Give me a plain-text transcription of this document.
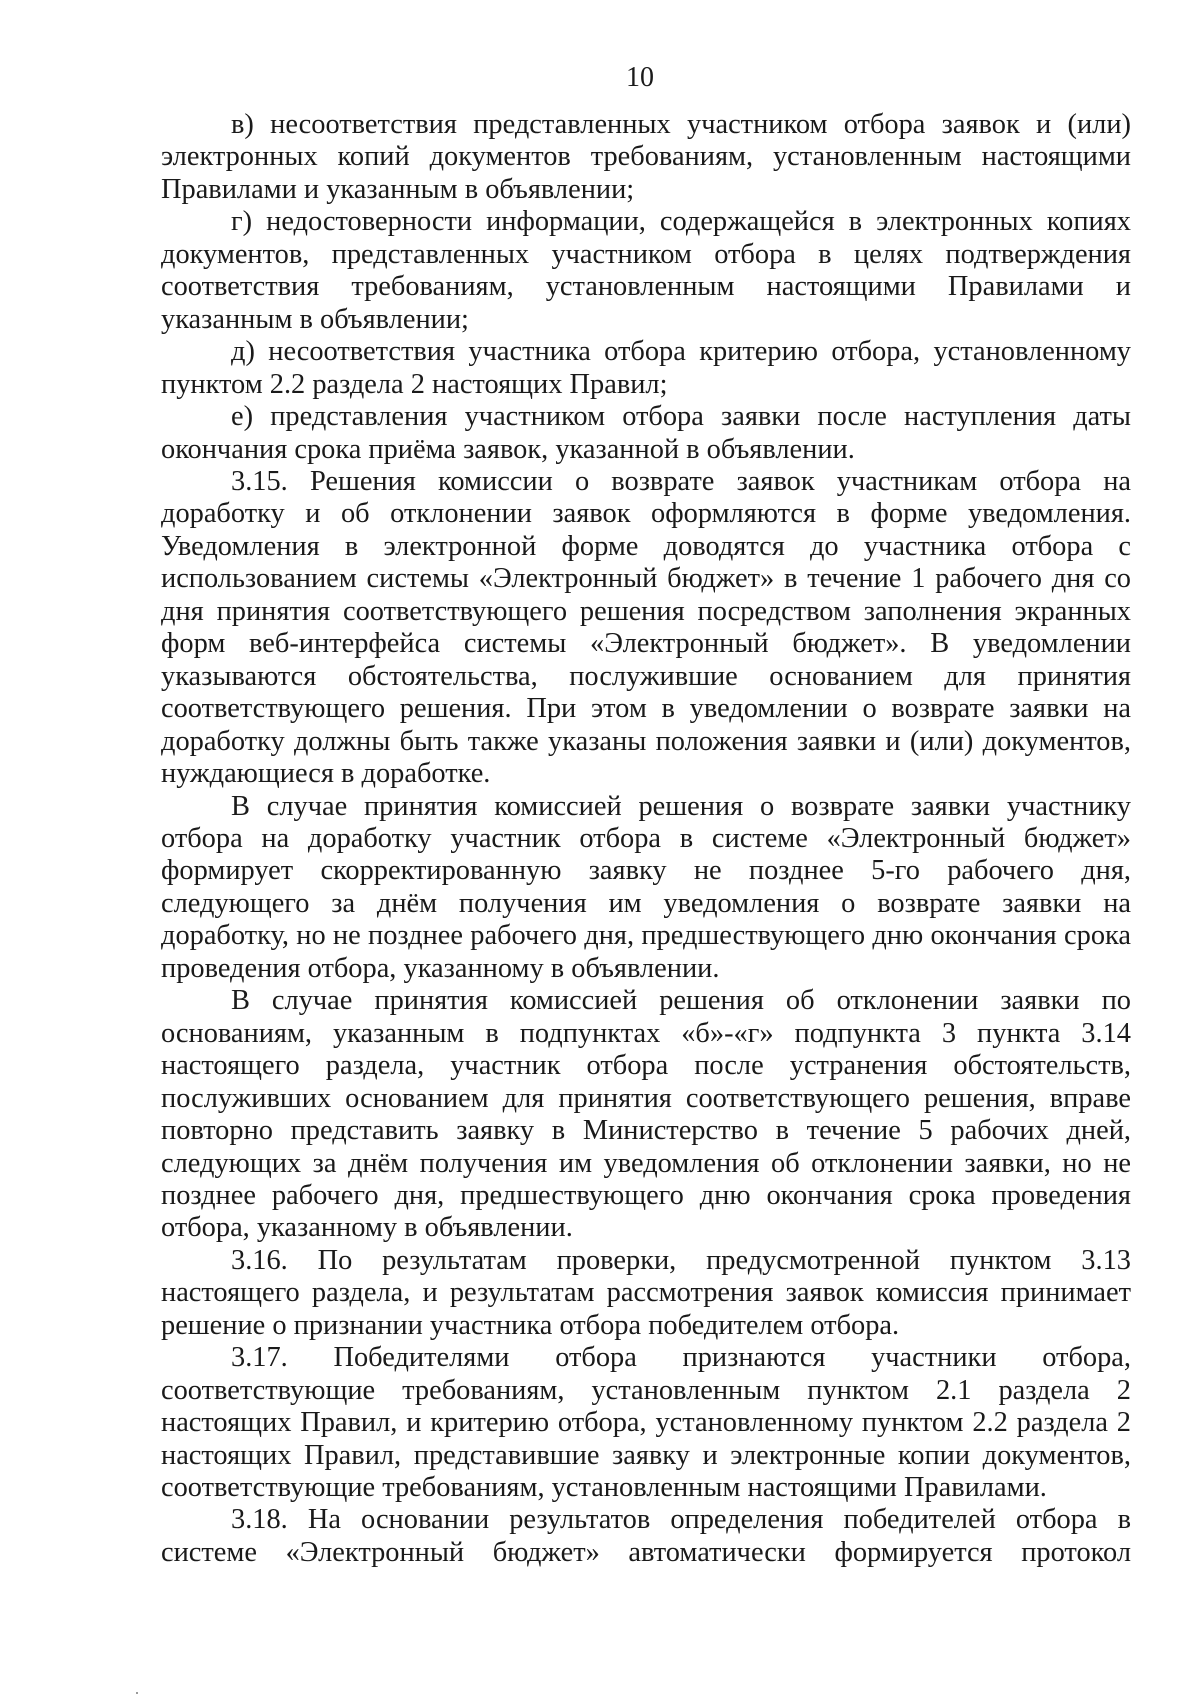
10

в) несоответствия представленных участником отбора заявок и (или) электронных копий документов требованиям, установленным настоящими Правилами и указанным в объявлении;

г) недостоверности информации, содержащейся в электронных копиях документов, представленных участником отбора в целях подтверждения соответствия требованиям, установленным настоящими Правилами и указанным в объявлении;

д) несоответствия участника отбора критерию отбора, установленному пунктом 2.2 раздела 2 настоящих Правил;

е) представления участником отбора заявки после наступления даты окончания срока приёма заявок, указанной в объявлении.

3.15. Решения комиссии о возврате заявок участникам отбора на доработку и об отклонении заявок оформляются в форме уведомления. Уведомления в электронной форме доводятся до участника отбора с использованием системы «Электронный бюджет» в течение 1 рабочего дня со дня принятия соответствующего решения посредством заполнения экранных форм веб-интерфейса системы «Электронный бюджет». В уведомлении указываются обстоятельства, послужившие основанием для принятия соответствующего решения. При этом в уведомлении о возврате заявки на доработку должны быть также указаны положения заявки и (или) документов, нуждающиеся в доработке.

В случае принятия комиссией решения о возврате заявки участнику отбора на доработку участник отбора в системе «Электронный бюджет» формирует скорректированную заявку не позднее 5-го рабочего дня, следующего за днём получения им уведомления о возврате заявки на доработку, но не позднее рабочего дня, предшествующего дню окончания срока проведения отбора, указанному в объявлении.

В случае принятия комиссией решения об отклонении заявки по основаниям, указанным в подпунктах «б»-«г» подпункта 3 пункта 3.14 настоящего раздела, участник отбора после устранения обстоятельств, послуживших основанием для принятия соответствующего решения, вправе повторно представить заявку в Министерство в течение 5 рабочих дней, следующих за днём получения им уведомления об отклонении заявки, но не позднее рабочего дня, предшествующего дню окончания срока проведения отбора, указанному в объявлении.

3.16. По результатам проверки, предусмотренной пунктом 3.13 настоящего раздела, и результатам рассмотрения заявок комиссия принимает решение о признании участника отбора победителем отбора.

3.17. Победителями отбора признаются участники отбора, соответствующие требованиям, установленным пунктом 2.1 раздела 2 настоящих Правил, и критерию отбора, установленному пунктом 2.2 раздела 2 настоящих Правил, представившие заявку и электронные копии документов, соответствующие требованиям, установленным настоящими Правилами.

3.18. На основании результатов определения победителей отбора в системе «Электронный бюджет» автоматически формируется протокол
